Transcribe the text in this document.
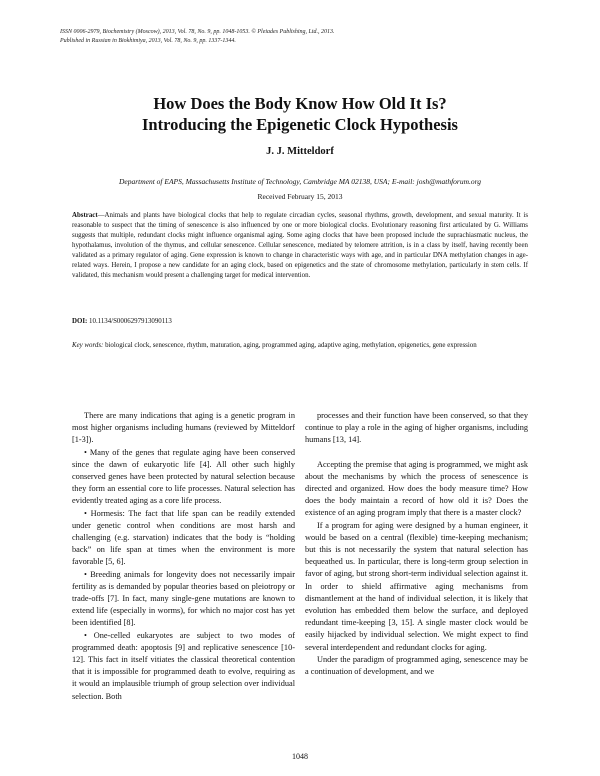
ISSN 0006-2979, Biochemistry (Moscow), 2013, Vol. 78, No. 9, pp. 1048-1053. © Pleiades Publishing, Ltd., 2013.
Published in Russian in Biokhimiya, 2013, Vol. 78, No. 9, pp. 1337-1344.
How Does the Body Know How Old It Is?
Introducing the Epigenetic Clock Hypothesis
J. J. Mitteldorf
Department of EAPS, Massachusetts Institute of Technology, Cambridge MA 02138, USA; E-mail: josh@mathforum.org
Received February 15, 2013
Abstract—Animals and plants have biological clocks that help to regulate circadian cycles, seasonal rhythms, growth, development, and sexual maturity. It is reasonable to suspect that the timing of senescence is also influenced by one or more biological clocks. Evolutionary reasoning first articulated by G. Williams suggests that multiple, redundant clocks might influence organismal aging. Some aging clocks that have been proposed include the suprachiasmatic nucleus, the hypothalamus, involution of the thymus, and cellular senescence. Cellular senescence, mediated by telomere attrition, is in a class by itself, having recently been validated as a primary regulator of aging. Gene expression is known to change in characteristic ways with age, and in particular DNA methylation changes in age-related ways. Herein, I propose a new candidate for an aging clock, based on epigenetics and the state of chromosome methylation, particularly in stem cells. If validated, this mechanism would present a challenging target for medical intervention.
DOI: 10.1134/S0006297913090113
Key words: biological clock, senescence, rhythm, maturation, aging, programmed aging, adaptive aging, methylation, epigenetics, gene expression

There are many indications that aging is a genetic program in most higher organisms including humans (reviewed by Mitteldorf [1-3]).

• Many of the genes that regulate aging have been conserved since the dawn of eukaryotic life [4]. All other such highly conserved genes have been protected by natural selection because they form an essential core to life processes. Natural selection has evidently treated aging as a core life process.

• Hormesis: The fact that life span can be readily extended under genetic control when conditions are most harsh and challenging (e.g. starvation) indicates that the body is “holding back” on life span at times when the environment is more favorable [5, 6].

• Breeding animals for longevity does not necessarily impair fertility as is demanded by popular theories based on pleiotropy or trade-offs [7]. In fact, many single-gene mutations are known to extend life (especially in worms), for which no major cost has yet been identified [8].

• One-celled eukaryotes are subject to two modes of programmed death: apoptosis [9] and replicative senescence [10-12]. This fact in itself vitiates the classical theoretical contention that it is impossible for programmed death to evolve, requiring as it would an implausible triumph of group selection over individual selection. Both

processes and their function have been conserved, so that they continue to play a role in the aging of higher organisms, including humans [13, 14].

Accepting the premise that aging is programmed, we might ask about the mechanisms by which the process of senescence is directed and organized. How does the body measure time? How does the body maintain a record of how old it is? Does the existence of an aging program imply that there is a master clock?

If a program for aging were designed by a human engineer, it would be based on a central (flexible) time-keeping mechanism; but this is not necessarily the system that natural selection has bequeathed us. In particular, there is long-term group selection in favor of aging, but strong short-term individual selection against it. In order to shield affirmative aging mechanisms from dismantlement at the hand of individual selection, it is likely that evolution has embedded them below the surface, and deployed redundant time-keeping [3, 15]. A single master clock would be easily hijacked by individual selection. We might expect to find several interdependent and redundant clocks for aging.

Under the paradigm of programmed aging, senescence may be a continuation of development, and we

1048
